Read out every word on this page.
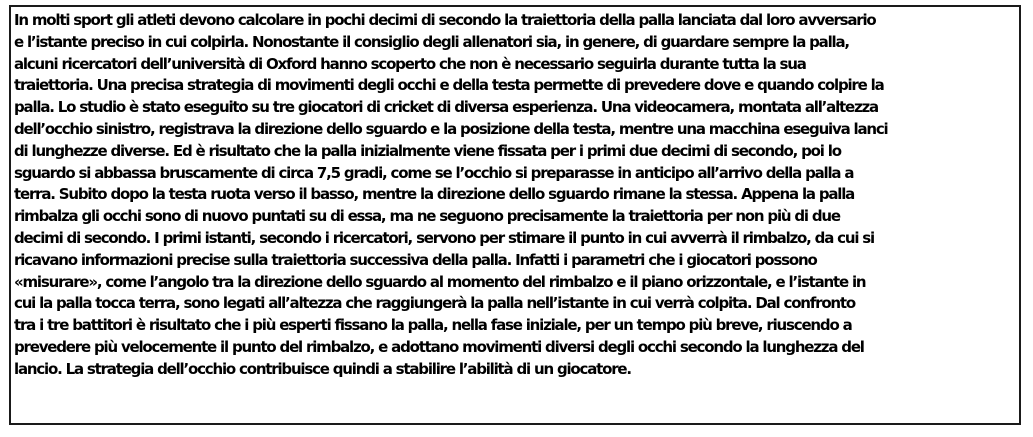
In molti sport gli atleti devono calcolare in pochi decimi di secondo la traiettoria della palla lanciata dal loro avversario
e l’istante preciso in cui colpirla. Nonostante il consiglio degli allenatori sia, in genere, di guardare sempre la palla,
alcuni ricercatori dell’università di Oxford hanno scoperto che non è necessario seguirla durante tutta la sua
traiettoria. Una precisa strategia di movimenti degli occhi e della testa permette di prevedere dove e quando colpire la
palla. Lo studio è stato eseguito su tre giocatori di cricket di diversa esperienza. Una videocamera, montata all’altezza
dell’occhio sinistro, registrava la direzione dello sguardo e la posizione della testa, mentre una macchina eseguiva lanci
di lunghezze diverse. Ed è risultato che la palla inizialmente viene fissata per i primi due decimi di secondo, poi lo
sguardo si abbassa bruscamente di circa 7,5 gradi, come se l’occhio si preparasse in anticipo all’arrivo della palla a
terra. Subito dopo la testa ruota verso il basso, mentre la direzione dello sguardo rimane la stessa. Appena la palla
rimbalza gli occhi sono di nuovo puntati su di essa, ma ne seguono precisamente la traiettoria per non più di due
decimi di secondo. I primi istanti, secondo i ricercatori, servono per stimare il punto in cui avverrà il rimbalzo, da cui si
ricavano informazioni precise sulla traiettoria successiva della palla. Infatti i parametri che i giocatori possono
«misurare», come l’angolo tra la direzione dello sguardo al momento del rimbalzo e il piano orizzontale, e l’istante in
cui la palla tocca terra, sono legati all’altezza che raggiungerà la palla nell’istante in cui verrà colpita. Dal confronto
tra i tre battitori è risultato che i più esperti fissano la palla, nella fase iniziale, per un tempo più breve, riuscendo a
prevedere più velocemente il punto del rimbalzo, e adottano movimenti diversi degli occhi secondo la lunghezza del
lancio. La strategia dell’occhio contribuisce quindi a stabilire l’abilità di un giocatore.
